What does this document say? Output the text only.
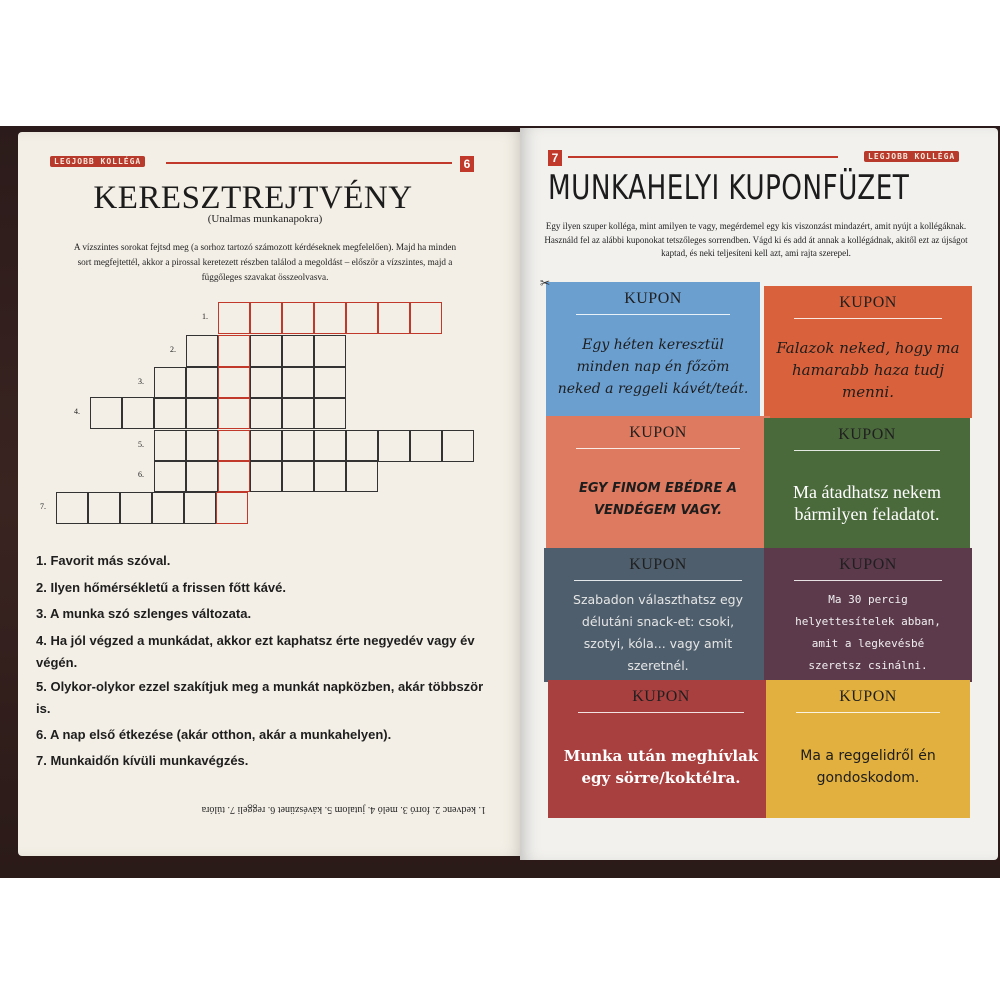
LEGJOBB KOLLÉGA	6
KERESZTREJTVÉNY
(Unalmas munkanapokra)
A vízszintes sorokat fejtsd meg (a sorhoz tartozó számozott kérdéseknek megfelelően). Majd ha minden sort megfejtettél, akkor a pirossal keretezett részben találod a megoldást – először a vízszintes, majd a függőleges szavakat összeolvasva.
1.
2.
3.
4.
5.
6.
7.
1. Favorit más szóval.
2. Ilyen hőmérsékletű a frissen főtt kávé.
3. A munka szó szlenges változata.
4. Ha jól végzed a munkádat, akkor ezt kaphatsz érte negyedév vagy év végén.
5. Olykor-olykor ezzel szakítjuk meg a munkát napközben, akár többször is.
6. A nap első étkezése (akár otthon, akár a munkahelyen).
7. Munkaidőn kívüli munkavégzés.
1. kedvenc 2. forró 3. meló 4. jutalom 5. kávészünet 6. reggeli 7. túlóra
7	LEGJOBB KOLLÉGA
MUNKAHELYI KUPONFÜZET
Egy ilyen szuper kolléga, mint amilyen te vagy, megérdemel egy kis viszonzást mindazért, amit nyújt a kollégáknak. Használd fel az alábbi kuponokat tetszőleges sorrendben. Vágd ki és add át annak a kollégádnak, akitől ezt az újságot kaptad, és neki teljesíteni kell azt, ami rajta szerepel.
KUPON
Egy héten keresztül minden nap én főzöm neked a reggeli kávét/teát.
KUPON
Falazok neked, hogy ma hamarabb haza tudj menni.
KUPON
EGY FINOM EBÉDRE A VENDÉGEM VAGY.
KUPON
Ma átadhatsz nekem bármilyen feladatot.
KUPON
Szabadon választhatsz egy délutáni snack-et: csoki, szotyi, kóla... vagy amit szeretnél.
KUPON
Ma 30 percig helyettesítelek abban, amit a legkevésbé szeretsz csinálni.
KUPON
Munka után meghívlak egy sörre/koktélra.
KUPON
Ma a reggelidről én gondoskodom.
✂
